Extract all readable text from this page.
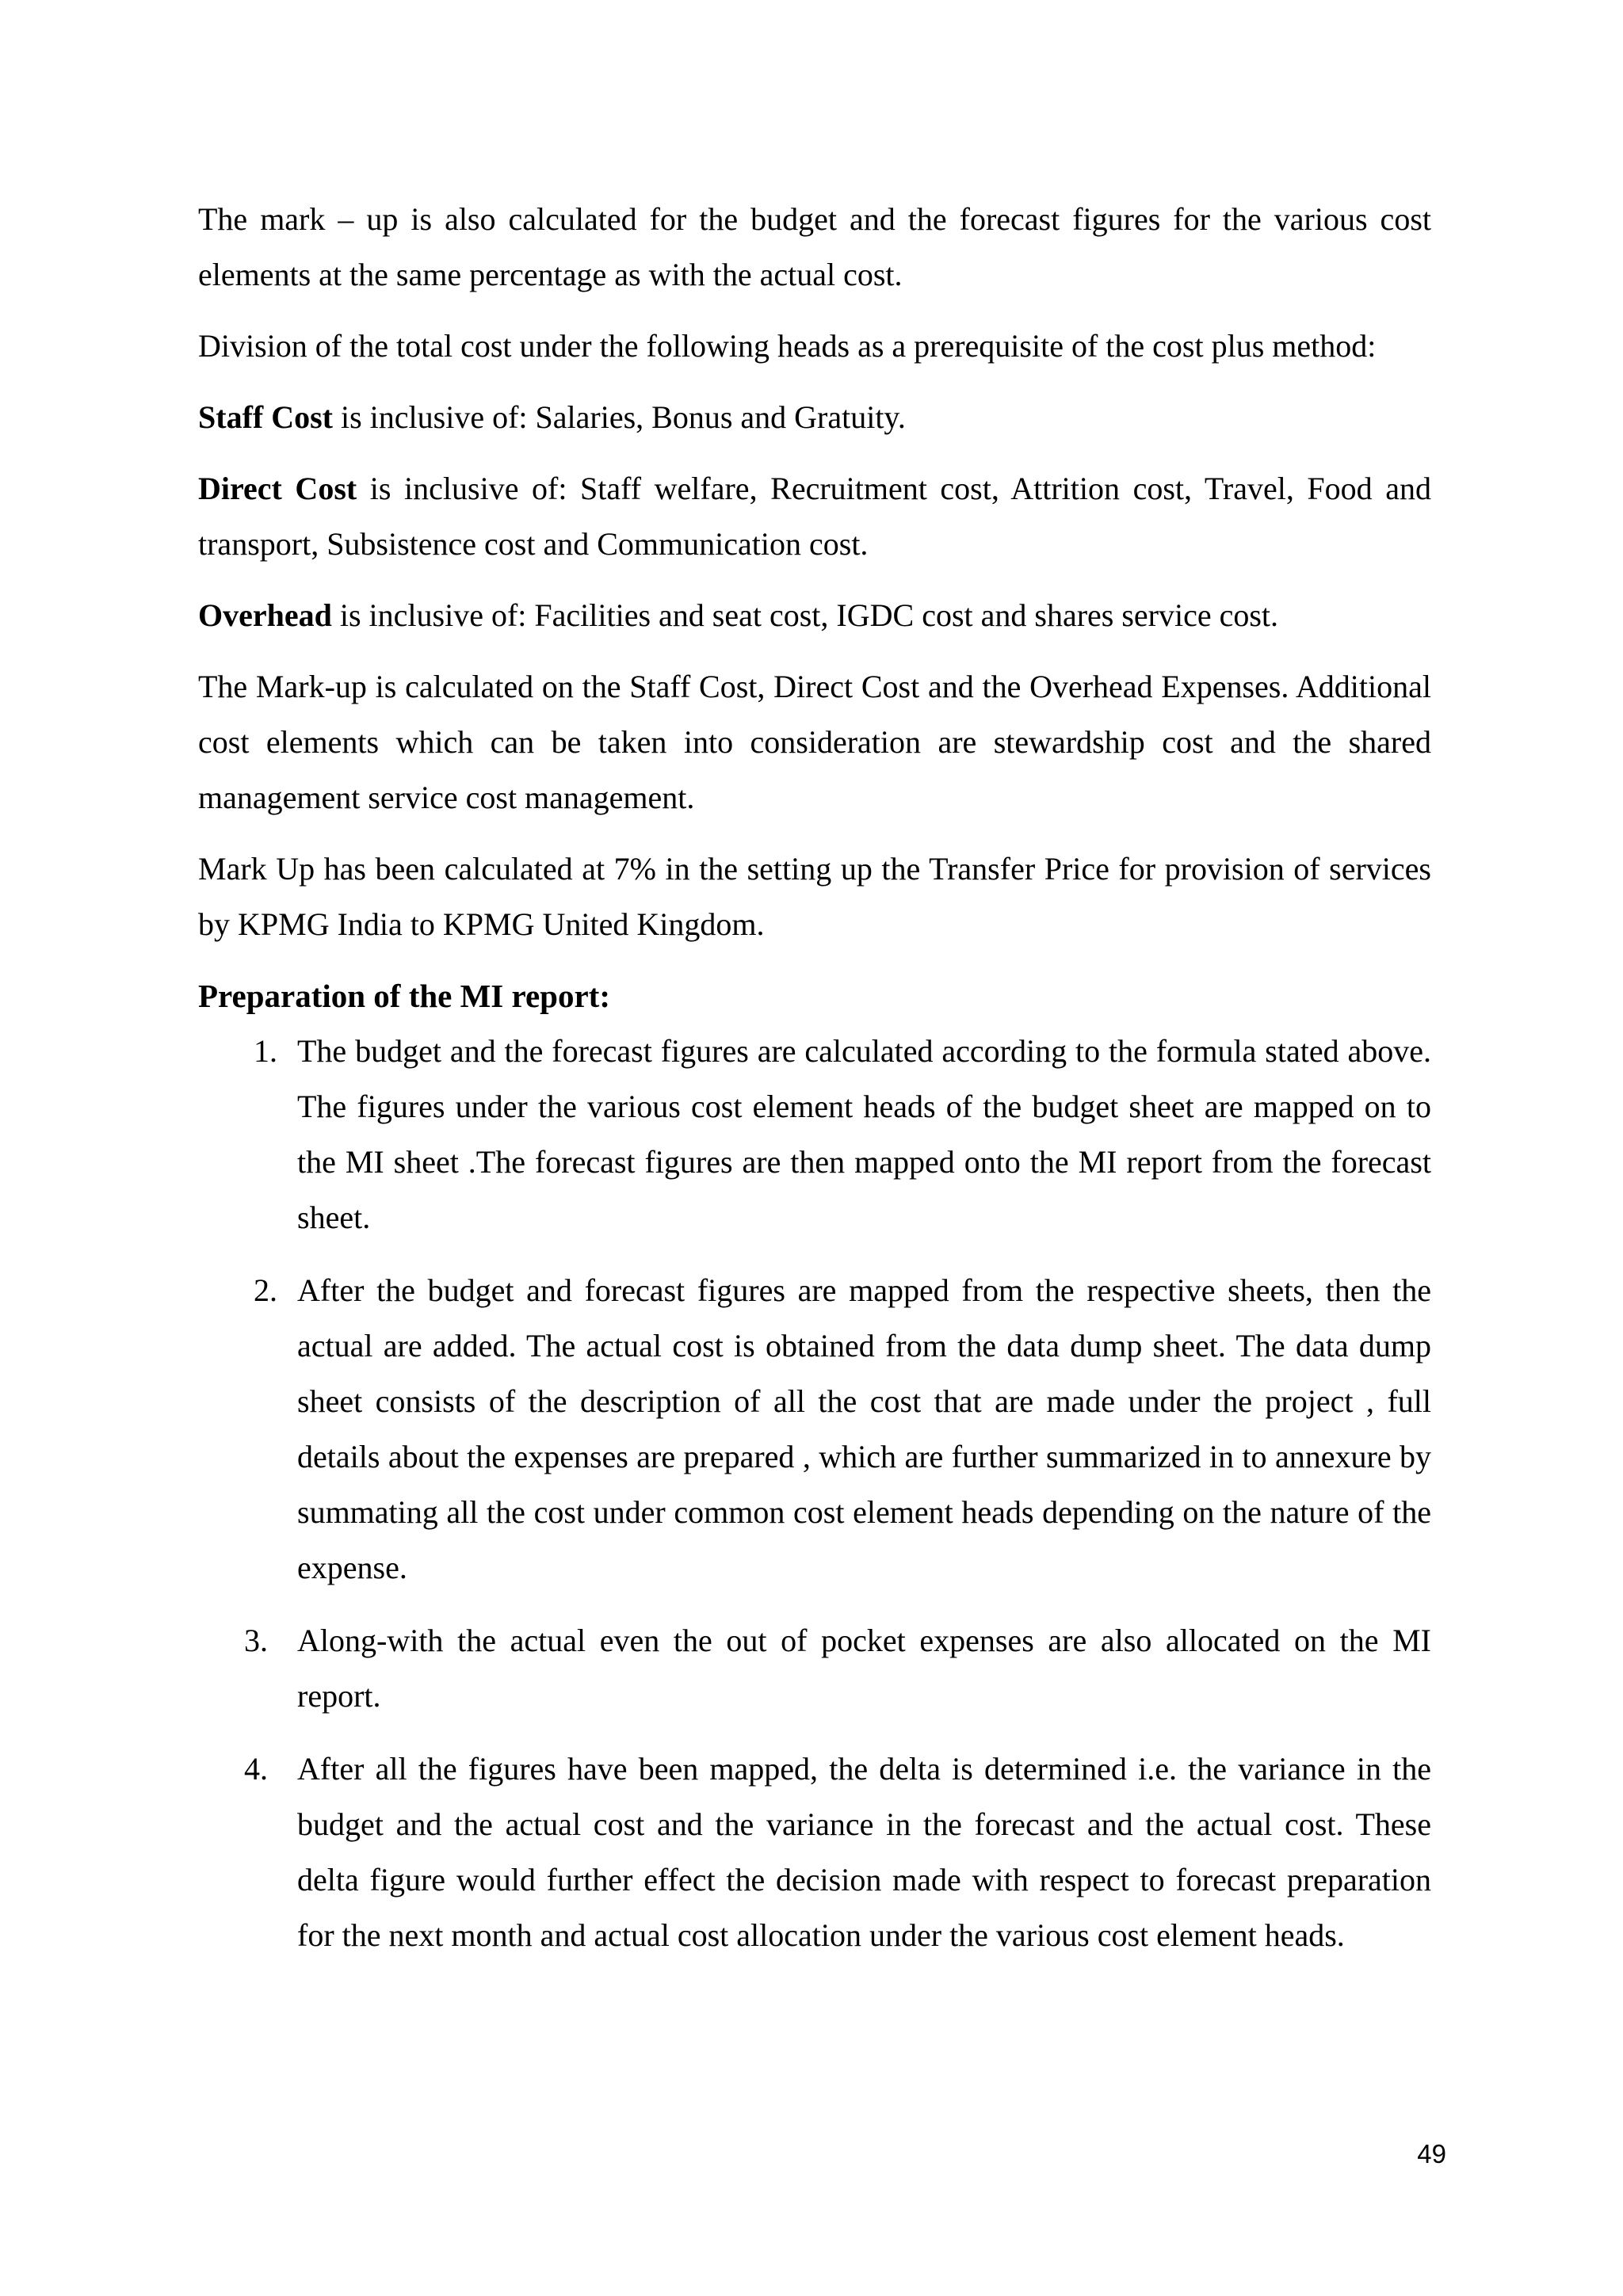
The mark – up is also calculated for the budget and the forecast figures for the various cost elements at the same percentage as with the actual cost.

Division of the total cost under the following heads as a prerequisite of the cost plus method:

Staff Cost is inclusive of: Salaries, Bonus and Gratuity.

Direct Cost is inclusive of: Staff welfare, Recruitment cost, Attrition cost, Travel, Food and transport, Subsistence cost and Communication cost.

Overhead is inclusive of: Facilities and seat cost, IGDC cost and shares service cost.

The Mark-up is calculated on the Staff Cost, Direct Cost and the Overhead Expenses. Additional cost elements which can be taken into consideration are stewardship cost and the shared management service cost management.

Mark Up has been calculated at 7% in the setting up the Transfer Price for provision of services by KPMG India to KPMG United Kingdom.

Preparation of the MI report:
1. The budget and the forecast figures are calculated according to the formula stated above. The figures under the various cost element heads of the budget sheet are mapped on to the MI sheet .The forecast figures are then mapped onto the MI report from the forecast sheet.
2. After the budget and forecast figures are mapped from the respective sheets, then the actual are added. The actual cost is obtained from the data dump sheet. The data dump sheet consists of the description of all the cost that are made under the project , full details about the expenses are prepared , which are further summarized in to annexure by summating all the cost under common cost element heads depending on the nature of the expense.
3. Along-with the actual even the out of pocket expenses are also allocated on the MI report.
4. After all the figures have been mapped, the delta is determined i.e. the variance in the budget and the actual cost and the variance in the forecast and the actual cost. These delta figure would further effect the decision made with respect to forecast preparation for the next month and actual cost allocation under the various cost element heads.
49
